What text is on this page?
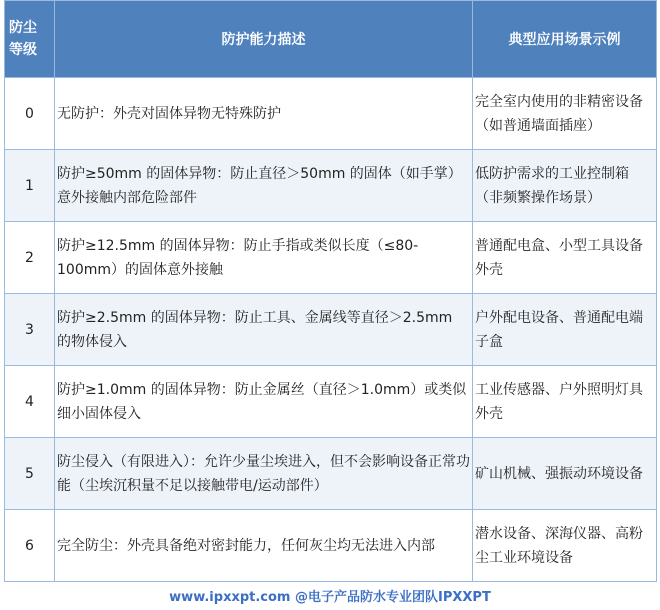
防尘
等级	防护能力描述	典型应用场景示例
0	无防护：外壳对固体异物无特殊防护	完全室内使用的非精密设备（如普通墙面插座）
1	防护≥50mm 的固体异物：防止直径＞50mm 的固体（如手掌）意外接触内部危险部件	低防护需求的工业控制箱（非频繁操作场景）
2	防护≥12.5mm 的固体异物：防止手指或类似长度（≤80-100mm）的固体意外接触	普通配电盒、小型工具设备外壳
3	防护≥2.5mm 的固体异物：防止工具、金属线等直径＞2.5mm 的物体侵入	户外配电设备、普通配电端子盒
4	防护≥1.0mm 的固体异物：防止金属丝（直径＞1.0mm）或类似细小固体侵入	工业传感器、户外照明灯具外壳
5	防尘侵入（有限进入）：允许少量尘埃进入，但不会影响设备正常功能（尘埃沉积量不足以接触带电/运动部件）	矿山机械、强振动环境设备
6	完全防尘：外壳具备绝对密封能力，任何灰尘均无法进入内部	潜水设备、深海仪器、高粉尘工业环境设备
www.ipxxpt.com @电子产品防水专业团队IPXXPT
